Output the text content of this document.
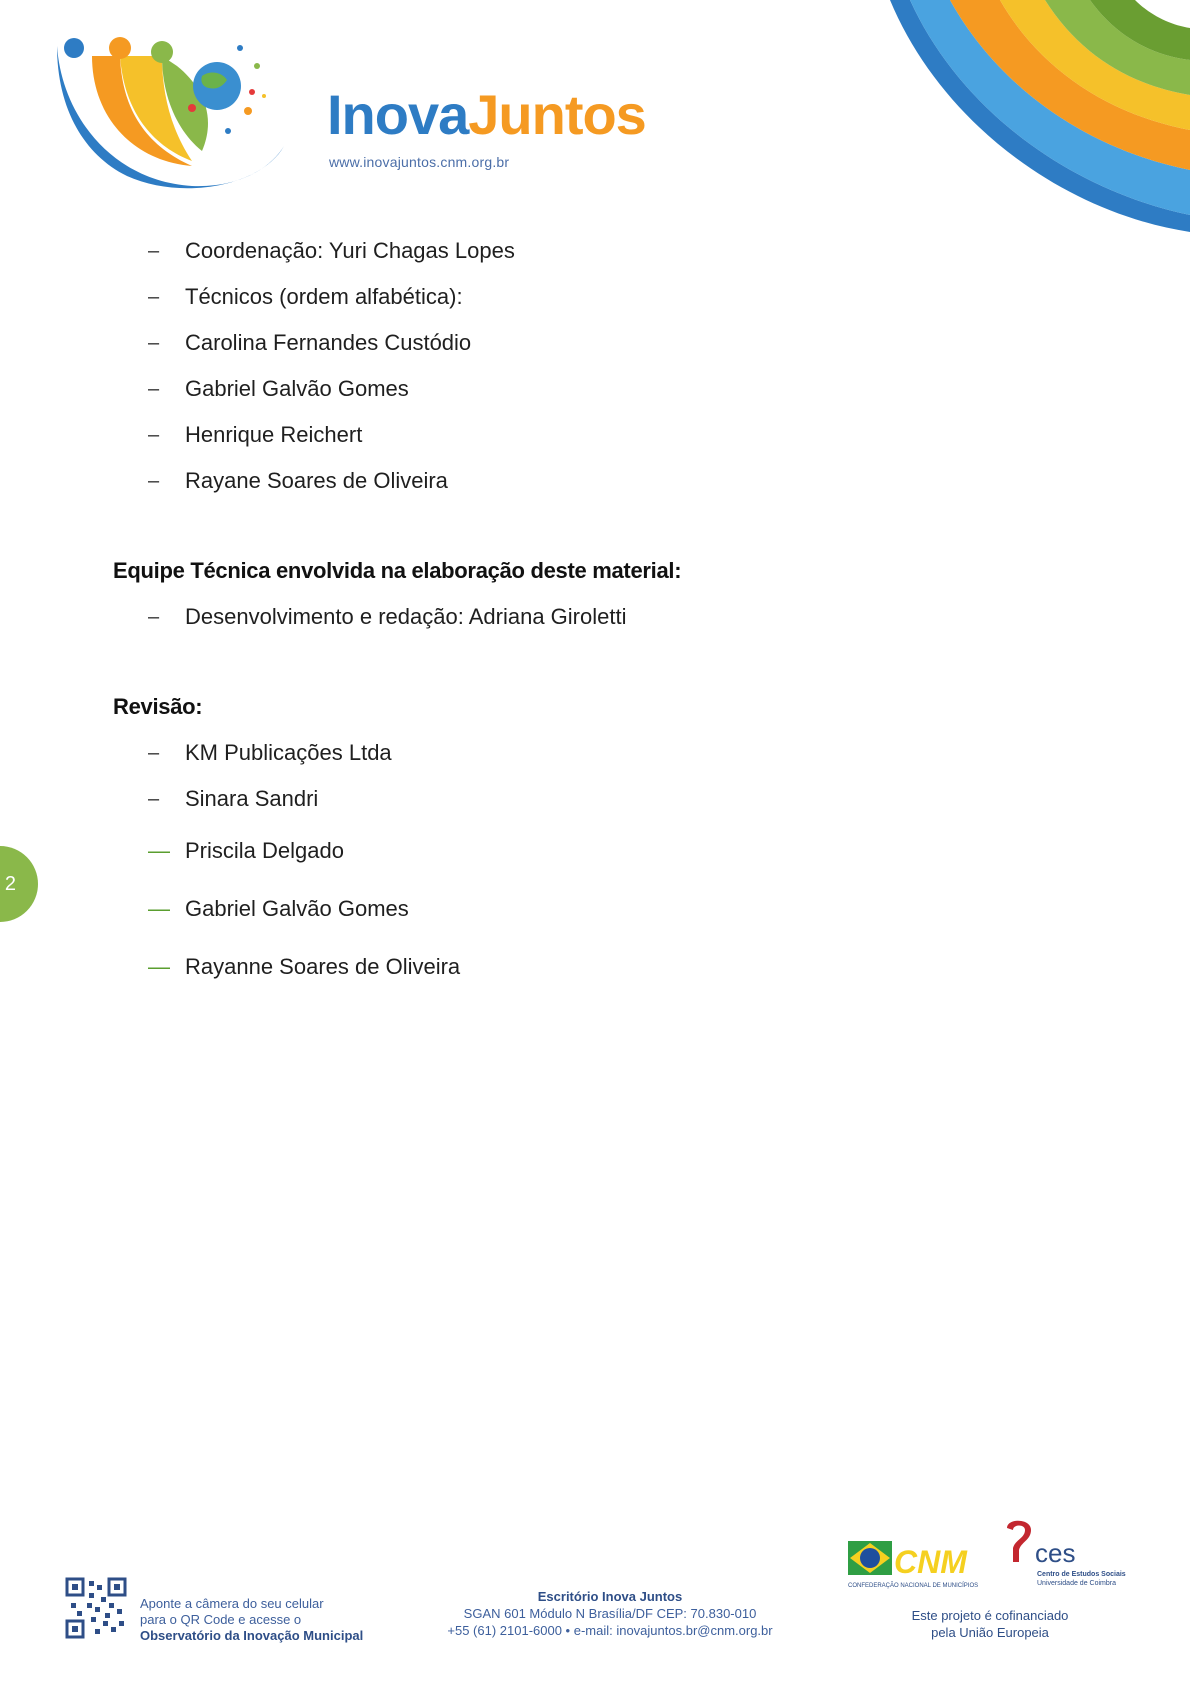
InovaJuntos
www.inovajuntos.cnm.org.br
–	Coordenação: Yuri Chagas Lopes
–	Técnicos (ordem alfabética):
–	Carolina Fernandes Custódio
–	Gabriel Galvão Gomes
–	Henrique Reichert
–	Rayane Soares de Oliveira
Equipe Técnica envolvida na elaboração deste material:
–	Desenvolvimento e redação: Adriana Giroletti
Revisão:
–	KM Publicações Ltda
–	Sinara Sandri
— Priscila Delgado
— Gabriel Galvão Gomes
— Rayanne Soares de Oliveira
2
Aponte a câmera do seu celular
para o QR Code e acesse o
Observatório da Inovação Municipal
Escritório Inova Juntos
SGAN 601 Módulo N Brasília/DF CEP: 70.830-010
+55 (61) 2101-6000 • e-mail: inovajuntos.br@cnm.org.br
CNM
CONFEDERAÇÃO NACIONAL DE MUNICÍPIOS
ces
Centro de Estudos Sociais
Universidade de Coimbra
Este projeto é cofinanciado
pela União Europeia
